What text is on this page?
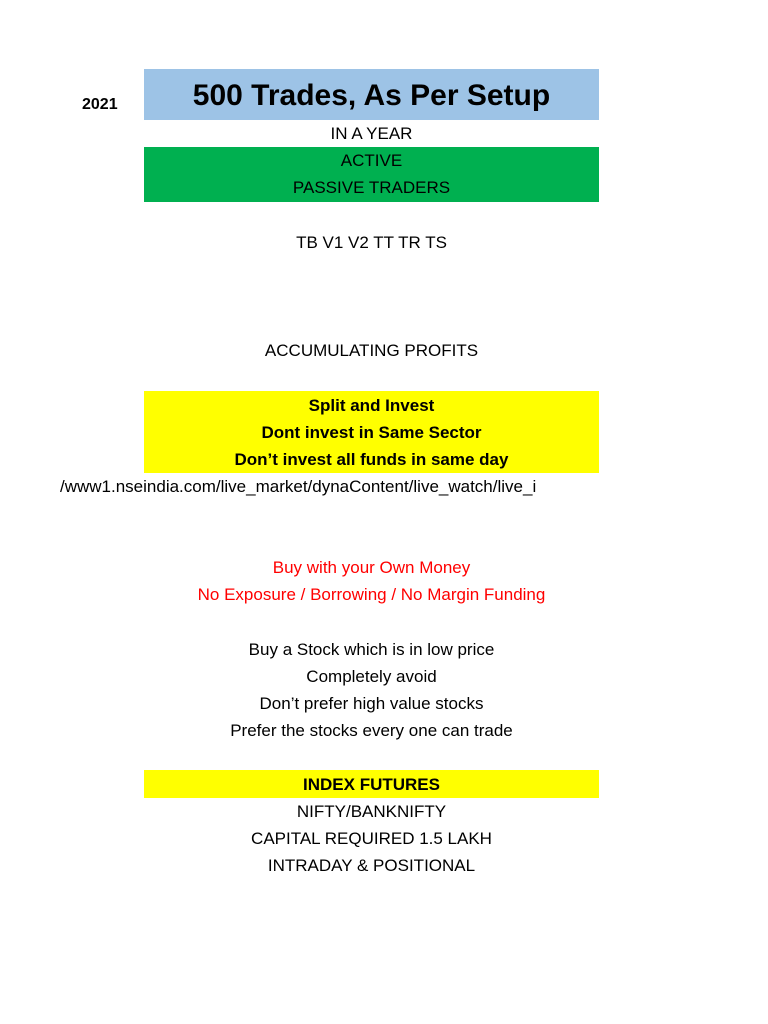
2021	500 Trades, As Per Setup
IN A YEAR
ACTIVE
PASSIVE TRADERS
TB V1 V2 TT TR TS
ACCUMULATING PROFITS
Split and Invest
Dont invest in Same Sector
Don’t invest all funds in same day
/www1.nseindia.com/live_market/dynaContent/live_watch/live_i
Buy with your Own Money
No Exposure / Borrowing / No Margin Funding
Buy a Stock which is in low price
Completely avoid
Don’t prefer high value stocks
Prefer the stocks every one can trade
INDEX FUTURES
NIFTY/BANKNIFTY
CAPITAL REQUIRED 1.5 LAKH
INTRADAY & POSITIONAL
